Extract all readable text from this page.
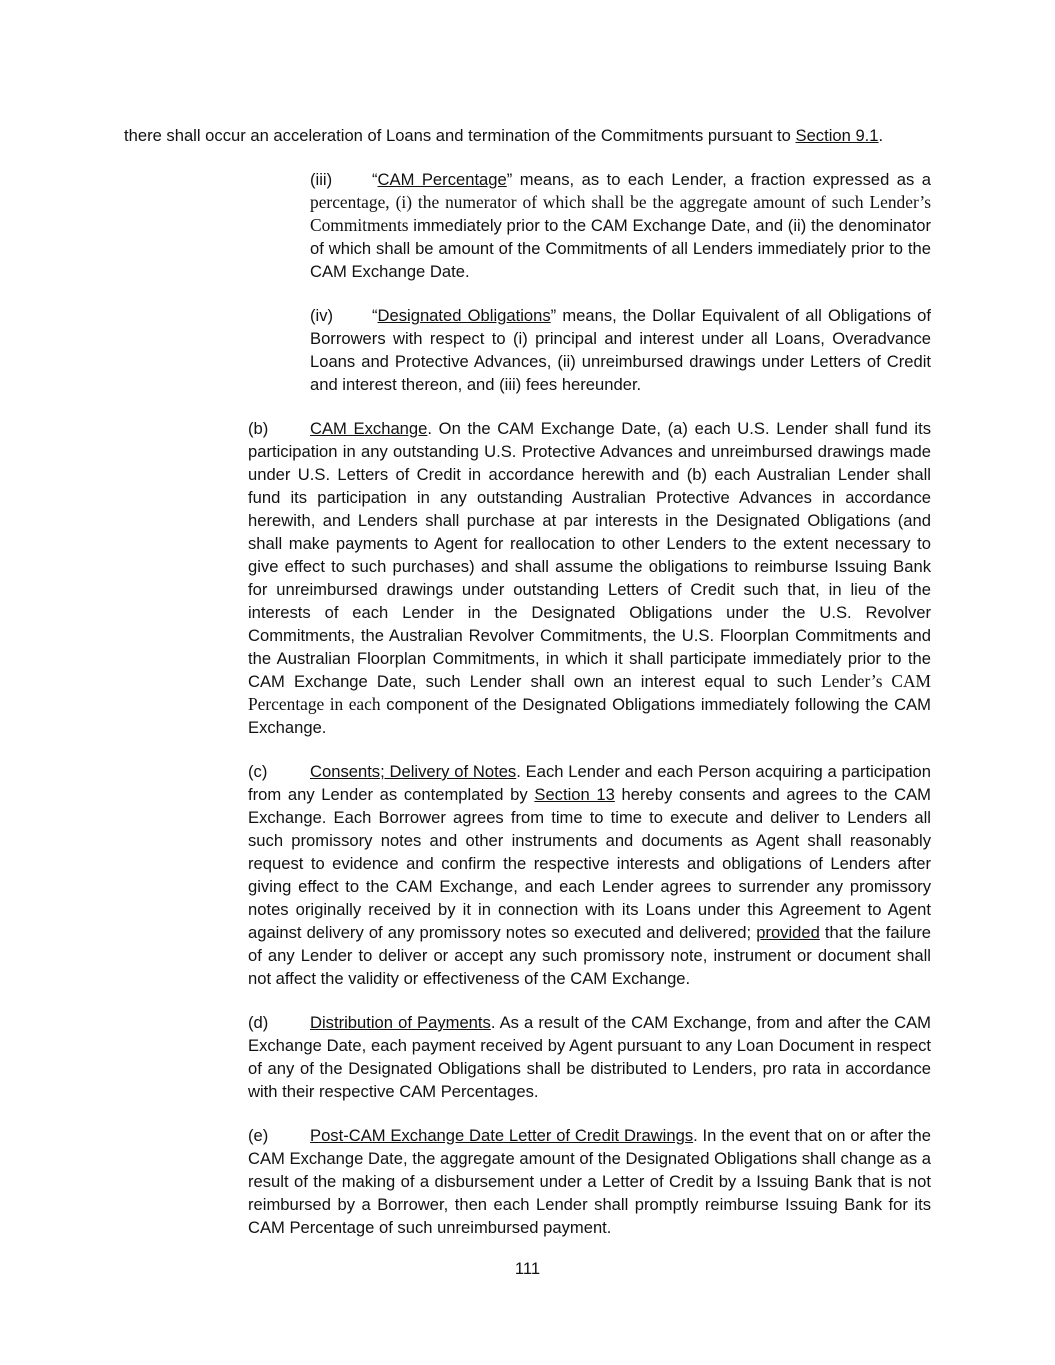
there shall occur an acceleration of Loans and termination of the Commitments pursuant to Section 9.1.

(iii) “CAM Percentage” means, as to each Lender, a fraction expressed as a percentage, (i) the numerator of which shall be the aggregate amount of such Lender’s Commitments immediately prior to the CAM Exchange Date, and (ii) the denominator of which shall be amount of the Commitments of all Lenders immediately prior to the CAM Exchange Date.

(iv) “Designated Obligations” means, the Dollar Equivalent of all Obligations of Borrowers with respect to (i) principal and interest under all Loans, Overadvance Loans and Protective Advances, (ii) unreimbursed drawings under Letters of Credit and interest thereon, and (iii) fees hereunder.

(b)	CAM Exchange. On the CAM Exchange Date, (a) each U.S. Lender shall fund its participation in any outstanding U.S. Protective Advances and unreimbursed drawings made under U.S. Letters of Credit in accordance herewith and (b) each Australian Lender shall fund its participation in any outstanding Australian Protective Advances in accordance herewith, and Lenders shall purchase at par interests in the Designated Obligations (and shall make payments to Agent for reallocation to other Lenders to the extent necessary to give effect to such purchases) and shall assume the obligations to reimburse Issuing Bank for unreimbursed drawings under outstanding Letters of Credit such that, in lieu of the interests of each Lender in the Designated Obligations under the U.S. Revolver Commitments, the Australian Revolver Commitments, the U.S. Floorplan Commitments and the Australian Floorplan Commitments, in which it shall participate immediately prior to the CAM Exchange Date, such Lender shall own an interest equal to such Lender’s CAM Percentage in each component of the Designated Obligations immediately following the CAM Exchange.

(c)	Consents; Delivery of Notes. Each Lender and each Person acquiring a participation from any Lender as contemplated by Section 13 hereby consents and agrees to the CAM Exchange. Each Borrower agrees from time to time to execute and deliver to Lenders all such promissory notes and other instruments and documents as Agent shall reasonably request to evidence and confirm the respective interests and obligations of Lenders after giving effect to the CAM Exchange, and each Lender agrees to surrender any promissory notes originally received by it in connection with its Loans under this Agreement to Agent against delivery of any promissory notes so executed and delivered; provided that the failure of any Lender to deliver or accept any such promissory note, instrument or document shall not affect the validity or effectiveness of the CAM Exchange.

(d)	Distribution of Payments. As a result of the CAM Exchange, from and after the CAM Exchange Date, each payment received by Agent pursuant to any Loan Document in respect of any of the Designated Obligations shall be distributed to Lenders, pro rata in accordance with their respective CAM Percentages.

(e)	Post-CAM Exchange Date Letter of Credit Drawings. In the event that on or after the CAM Exchange Date, the aggregate amount of the Designated Obligations shall change as a result of the making of a disbursement under a Letter of Credit by a Issuing Bank that is not reimbursed by a Borrower, then each Lender shall promptly reimburse Issuing Bank for its CAM Percentage of such unreimbursed payment.

111
